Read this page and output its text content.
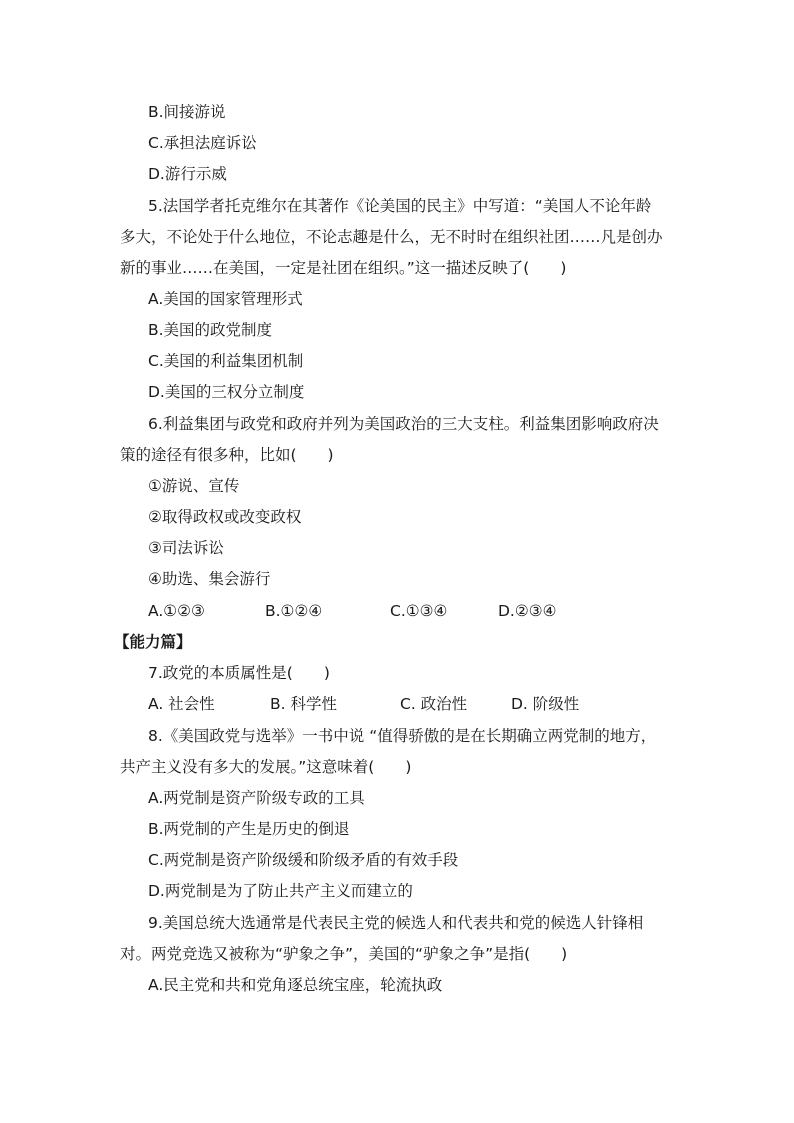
B.间接游说
C.承担法庭诉讼
D.游行示威
5.法国学者托克维尔在其著作《论美国的民主》中写道：“美国人不论年龄
多大，不论处于什么地位，不论志趣是什么，无不时时在组织社团……凡是创办
新的事业……在美国，一定是社团在组织。”这一描述反映了(　　)
A.美国的国家管理形式
B.美国的政党制度
C.美国的利益集团机制
D.美国的三权分立制度
6.利益集团与政党和政府并列为美国政治的三大支柱。利益集团影响政府决
策的途径有很多种，比如(　　)
①游说、宣传
②取得政权或改变政权
③司法诉讼
④助选、集会游行
A.①②③	B.①②④	C.①③④	D.②③④
【能力篇】
7.政党的本质属性是(　　)
A. 社会性	B. 科学性	C. 政治性	D. 阶级性
8.《美国政党与选举》一书中说 “值得骄傲的是在长期确立两党制的地方，
共产主义没有多大的发展。”这意味着(　　)
A.两党制是资产阶级专政的工具
B.两党制的产生是历史的倒退
C.两党制是资产阶级缓和阶级矛盾的有效手段
D.两党制是为了防止共产主义而建立的
9.美国总统大选通常是代表民主党的候选人和代表共和党的候选人针锋相
对。两党竞选又被称为“驴象之争”，美国的“驴象之争”是指(　　)
A.民主党和共和党角逐总统宝座，轮流执政
